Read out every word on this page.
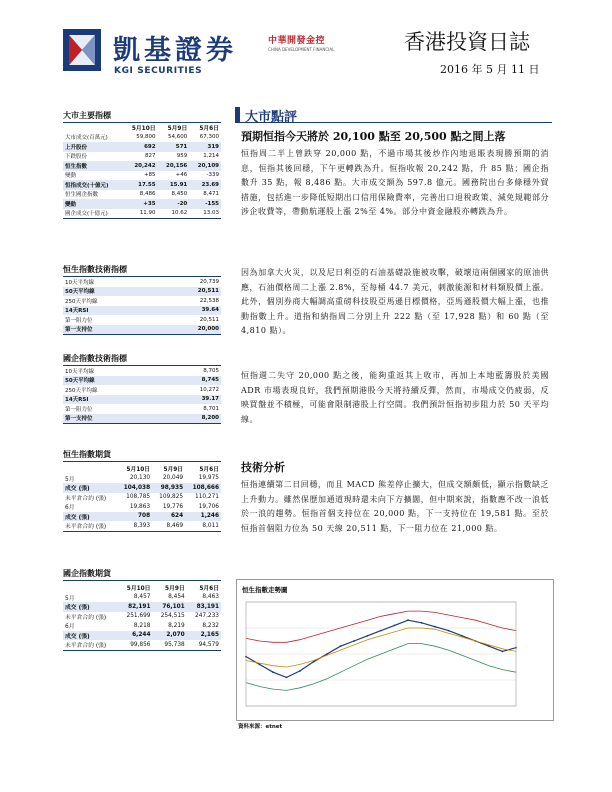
凱基證券
KGI SECURITIES
中華開發金控
CHINA DEVELOPMENT FINANCIAL	香港投資日誌
2016 年 5 月 11 日
大市主要指標
	5月10日	5月9日	5月6日
大市成交(百萬元)	59,800	54,600	67,300
上升股份	692	571	319
下跌股份	827	959	1,214
恒生指數	20,242	20,156	20,109
變動	+85	+46	-339
恒指成交(十億元)	17.55	15.91	23.69
恒生國企指數	8,486	8,450	8,471
變動	+35	-20	-155
國企成交(十億元)	11.90	10.62	13.03
恒生指數技術指標
10天平均線	20,739
50天平均線	20,511
250天平均線	22,538
14天RSI	39.64
第一阻力位	20,511
第一支持位	20,000
國企指數技術指標
10天平均線	8,705
50天平均線	8,745
250天平均線	10,272
14天RSI	39.17
第一阻力位	8,701
第一支持位	8,200
恒生指數期貨
	5月10日	5月9日	5月6日
5月	20,130	20,049	19,975
成交 (張)	104,038	98,935	108,666
未平倉合約 (張)	108,785	109,825	110,271
6月	19,863	19,776	19,706
成交 (張)	708	624	1,246
未平倉合約 (張)	8,393	8,469	8,011
國企指數期貨
	5月10日	5月9日	5月6日
5月	8,457	8,454	8,463
成交 (張)	82,191	76,101	83,191
未平倉合約 (張)	251,699	254,515	247,233
6月	8,218	8,219	8,232
成交 (張)	6,244	2,070	2,165
未平倉合約 (張)	99,856	95,738	94,579
大市點評
預期恒指今天將於 20,100 點至 20,500 點之間上落
恒指周二半上曾跌穿 20,000 點，不過市場其後炒作內地退賬表現勝預期的消息，恒指其後回穩，下午更轉跌為升。恒指收報 20,242 點，升 85 點；國企指數升 35 點，報 8,486 點。大市成交額為 597.8 億元。國務院出台多條穩外貿措施，包括進一步降低短期出口信用保險費率，完善出口退稅政策、減免規範部分涉企收費等，帶動航運股上漲 2%至 4%。部分中資金融股亦轉跌為升。
因為加拿大火災，以及尼日利亞的石油基礎設施被攻擊，破壞這兩個國家的原油供應，石油價格周二上漲 2.8%，至每桶 44.7 美元，刺激能源和材料類股價上漲。此外，個別券商大幅調高重磅科技股亞馬遜目標價格，亞馬遜股價大幅上漲，也推動指數上升。道指和納指周二分別上升 222 點（至 17,928 點）和 60 點（至 4,810 點）。
恒指週二失守 20,000 點之後，能夠重返其上收市，再加上本地藍籌股於美國 ADR 市場表現良好，我們預期港股今天將持續反彈，然而，市場成交仍疲弱，反映買盤並不積極，可能會限制港股上行空間。我們預計恒指初步阻力於 50 天平均線。
技術分析
恒指連續第二日回穩，而且 MACD 熊差停止擴大，但成交額頗低，顯示指數缺乏上升動力。雖然保歷加通道現時還未向下方擴闊，但中期來說，指數應不改一浪低於一浪的趨勢。恒指首個支持位在 20,000 點，下一支持位在 19,581 點。至於恒指首個阻力位為 50 天線 20,511 點，下一阻力位在 21,000 點。
恒生指數走勢圖
資料來源：etnet
